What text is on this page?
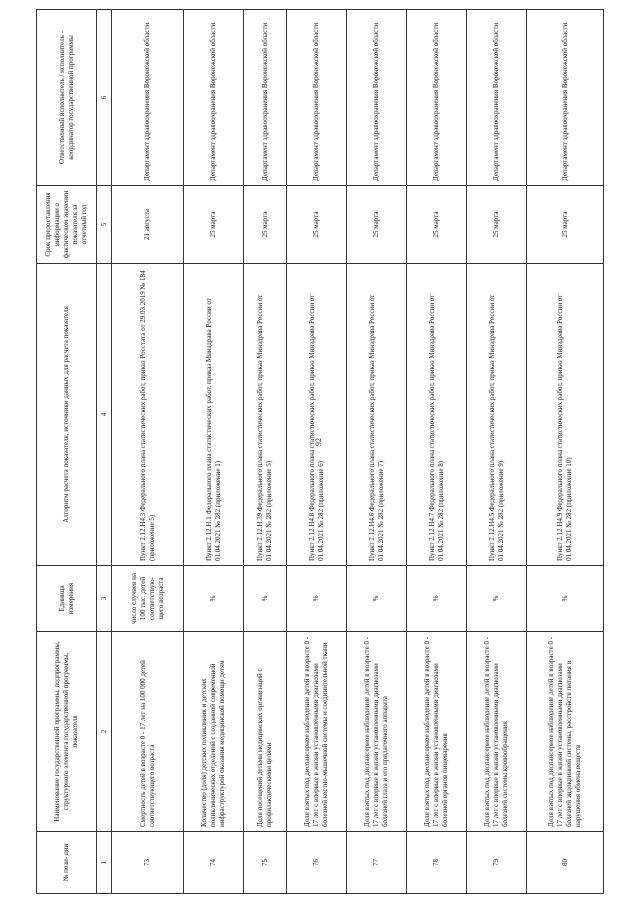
92
№ пози- ции	Наименование государственной программы, подпрограммы, структурного элемента государственной программы, показателя	Единица измерения	Алгоритм расчета показателя, источники данных для расчета показателя	Срок предоставления информации о фактическом значении показателя за отчетный год	Ответственный исполнитель / исполнитель - координатор государственной программы
1	2	3	4	5	6
73	Смертность детей в возрасте 0 - 17 лет на 100 000 детей соответствующего возраста	число случаев на 100 тыс. детей соответствую- щего возраста	Пункт 2.12.Н4.3 Федерального плана статистических работ, приказ Росстата от 29.03.2019 № 184 (приложение 5)	21 августа	Департамент здравоохранения Воронежской области
74	Количество (доля) детских поликлиник и детских поликлинических отделений с созданной современной инфраструктурой оказания медицинской помощи детям	%	Пункт 2.12.Н.1 Федерального плана статистических работ, приказ Минздрава России от 01.04.2021 № 282 (приложение 1)	25 марта	Департамент здравоохранения Воронежской области
75	Доля посещений детьми медицинских организаций с профилактическими целями	%	Пункт 2.12.Н.39 Федерального плана статистических работ, приказ Минздрава России от 01.04.2021 № 282 (приложение 5)	25 марта	Департамент здравоохранения Воронежской области
76	Доля взятых под диспансерное наблюдение детей в возрасте 0 - 17 лет с впервые в жизни установленными диагнозами болезней костно-мышечной системы и соединительной ткани	%	Пункт 2.12.Н4.8 Федерального плана статистических работ, приказ Минздрава России от 01.04.2021 № 282 (приложение 6)	25 марта	Департамент здравоохранения Воронежской области
77	Доля взятых под диспансерное наблюдение детей в возрасте 0 - 17 лет с впервые в жизни установленными диагнозами болезней глаза и его придаточного аппарата	%	Пункт 2.12.Н4.6 Федерального плана статистических работ, приказ Минздрава России от 01.04.2021 № 282 (приложение 7)	25 марта	Департамент здравоохранения Воронежской области
78	Доля взятых под диспансерное наблюдение детей в возрасте 0 - 17 лет с впервые в жизни установленными диагнозами болезней органов пищеварения	%	Пункт 2.12.Н4.7 Федерального плана статистических работ, приказ Минздрава России от 01.04.2021 № 282 (приложение 8)	25 марта	Департамент здравоохранения Воронежской области
79	Доля взятых под диспансерное наблюдение детей в возрасте 0 - 17 лет с впервые в жизни установленными диагнозами болезней системы кровообращения	%	Пункт 2.12.Н4.5 Федерального плана статистических работ, приказ Минздрава России от 01.04.2021 № 282 (приложение 9)	25 марта	Департамент здравоохранения Воронежской области
80	Доля взятых под диспансерное наблюдение детей в возрасте 0 - 17 лет с впервые в жизни установленными диагнозами болезней эндокринной системы, расстройств питания и нарушения обмена веществ	%	Пункт 2.12.Н4.9 Федерального плана статистических работ, приказ Минздрава России от 01.04.2021 № 282 (приложение 10)	25 марта	Департамент здравоохранения Воронежской области
